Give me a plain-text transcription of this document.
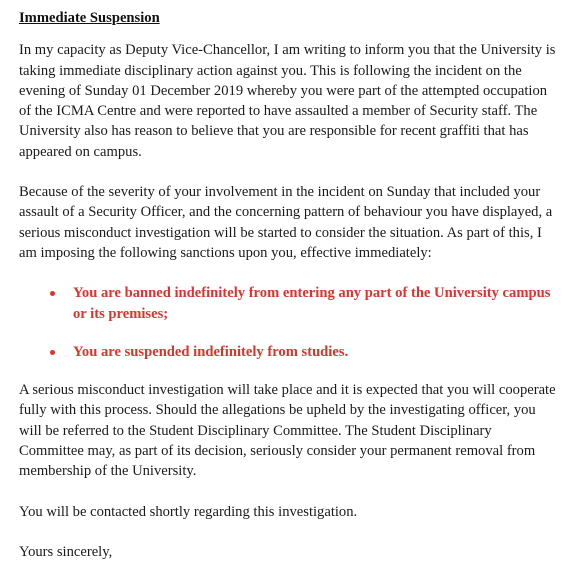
Immediate Suspension

In my capacity as Deputy Vice-Chancellor, I am writing to inform you that the University is taking immediate disciplinary action against you. This is following the incident on the evening of Sunday 01 December 2019 whereby you were part of the attempted occupation of the ICMA Centre and were reported to have assaulted a member of Security staff. The University also has reason to believe that you are responsible for recent graffiti that has appeared on campus.

Because of the severity of your involvement in the incident on Sunday that included your assault of a Security Officer, and the concerning pattern of behaviour you have displayed, a serious misconduct investigation will be started to consider the situation. As part of this, I am imposing the following sanctions upon you, effective immediately:

You are banned indefinitely from entering any part of the University campus or its premises;
You are suspended indefinitely from studies.

A serious misconduct investigation will take place and it is expected that you will cooperate fully with this process. Should the allegations be upheld by the investigating officer, you will be referred to the Student Disciplinary Committee. The Student Disciplinary Committee may, as part of its decision, seriously consider your permanent removal from membership of the University.

You will be contacted shortly regarding this investigation.

Yours sincerely,
